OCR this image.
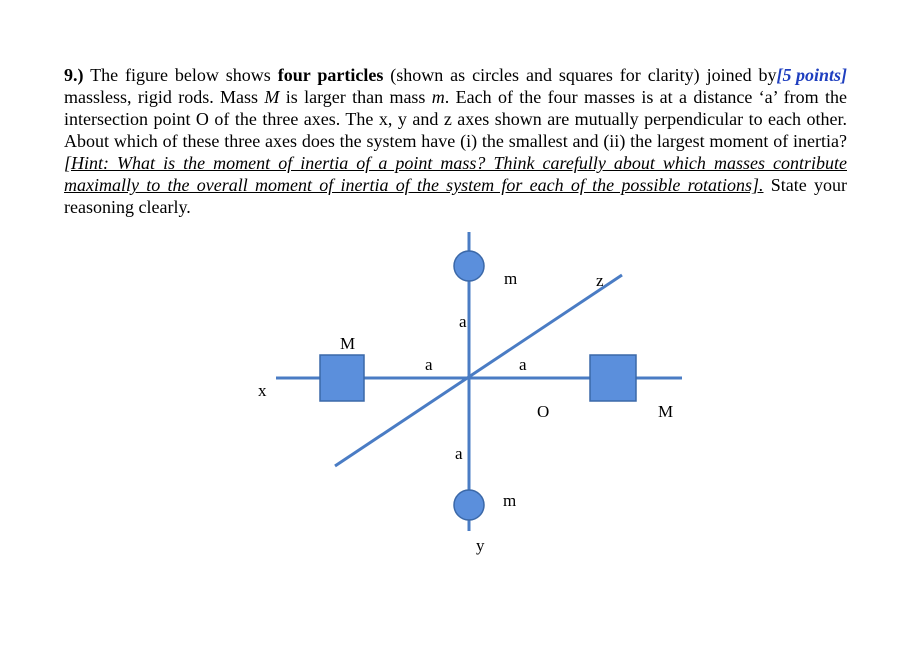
[5 points]
9.) The figure below shows four particles (shown as circles and squares for clarity) joined by massless, rigid rods. Mass M is larger than mass m. Each of the four masses is at a distance ‘a’ from the intersection point O of the three axes. The x, y and z axes shown are mutually perpendicular to each other. About which of these three axes does the system have (i) the smallest and (ii) the largest moment of inertia? [Hint: What is the moment of inertia of a point mass? Think carefully about which masses contribute maximally to the overall moment of inertia of the system for each of the possible rotations]. State your reasoning clearly.
x
y
z
O
M
M
m
m
a
a
a	a
